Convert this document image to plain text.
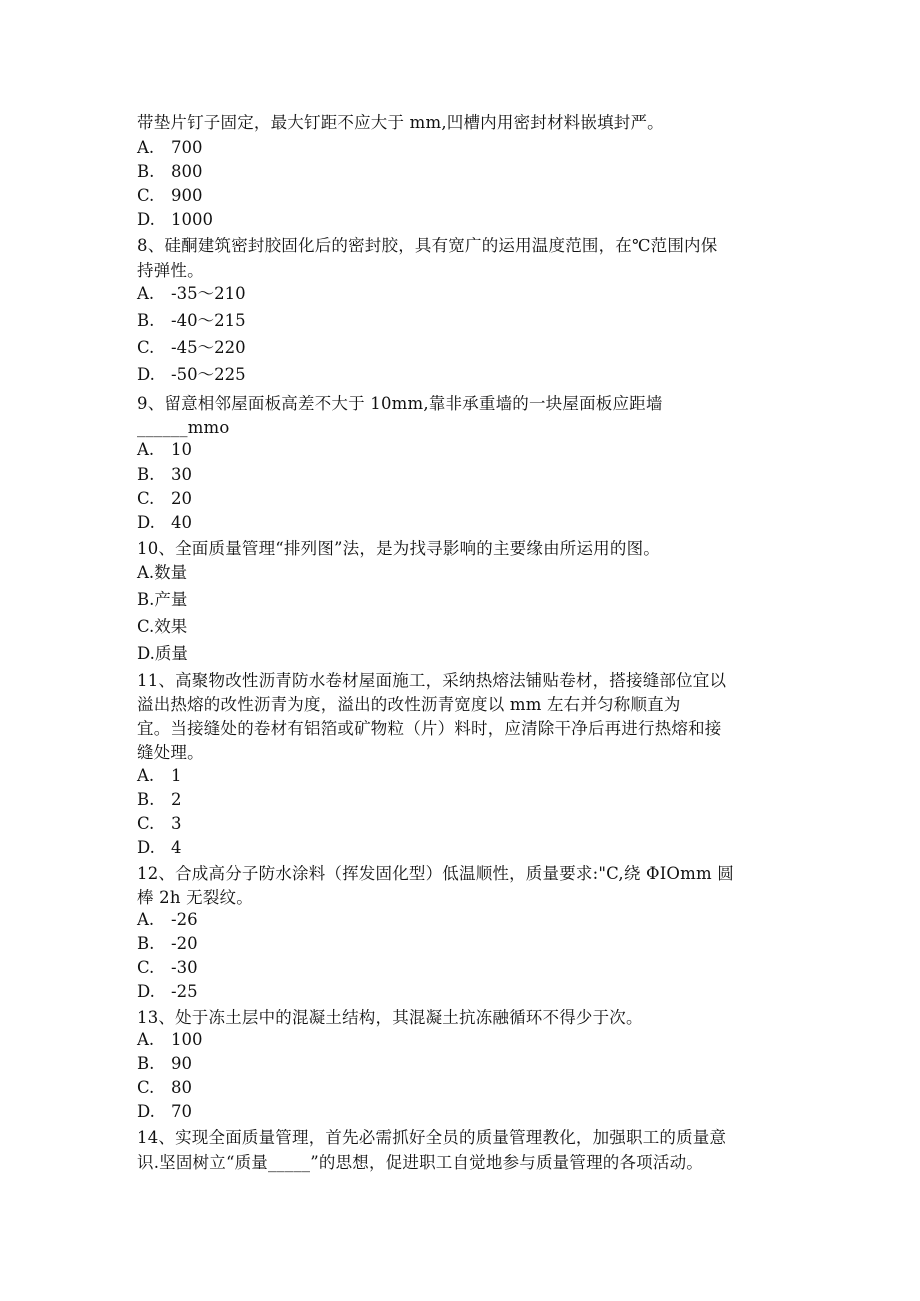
带垫片钉子固定，最大钉距不应大于 mm,凹槽内用密封材料嵌填封严。
A. 700
B. 800
C. 900
D. 1000
8、硅酮建筑密封胶固化后的密封胶，具有宽广的运用温度范围，在℃范围内保
持弹性。
A. -35～210
B. -40～215
C. -45～220
D. -50～225
9、留意相邻屋面板高差不大于 10mm,靠非承重墙的一块屋面板应距墙
______mmo
A. 10
B. 30
C. 20
D. 40
10、全面质量管理“排列图”法，是为找寻影响的主要缘由所运用的图。
A.数量
B.产量
C.效果
D.质量
11、高聚物改性沥青防水卷材屋面施工，采纳热熔法铺贴卷材，搭接缝部位宜以
溢出热熔的改性沥青为度，溢出的改性沥青宽度以 mm 左右并匀称顺直为
宜。当接缝处的卷材有铝箔或矿物粒（片）料时，应清除干净后再进行热熔和接
缝处理。
A. 1
B. 2
C. 3
D. 4
12、合成高分子防水涂料（挥发固化型）低温顺性，质量要求:"C,绕 ΦIOmm 圆
棒 2h 无裂纹。
A. -26
B. -20
C. -30
D. -25
13、处于冻土层中的混凝土结构，其混凝土抗冻融循环不得少于次。
A. 100
B. 90
C. 80
D. 70
14、实现全面质量管理，首先必需抓好全员的质量管理教化，加强职工的质量意
识.坚固树立“质量_____”的思想，促进职工自觉地参与质量管理的各项活动。
